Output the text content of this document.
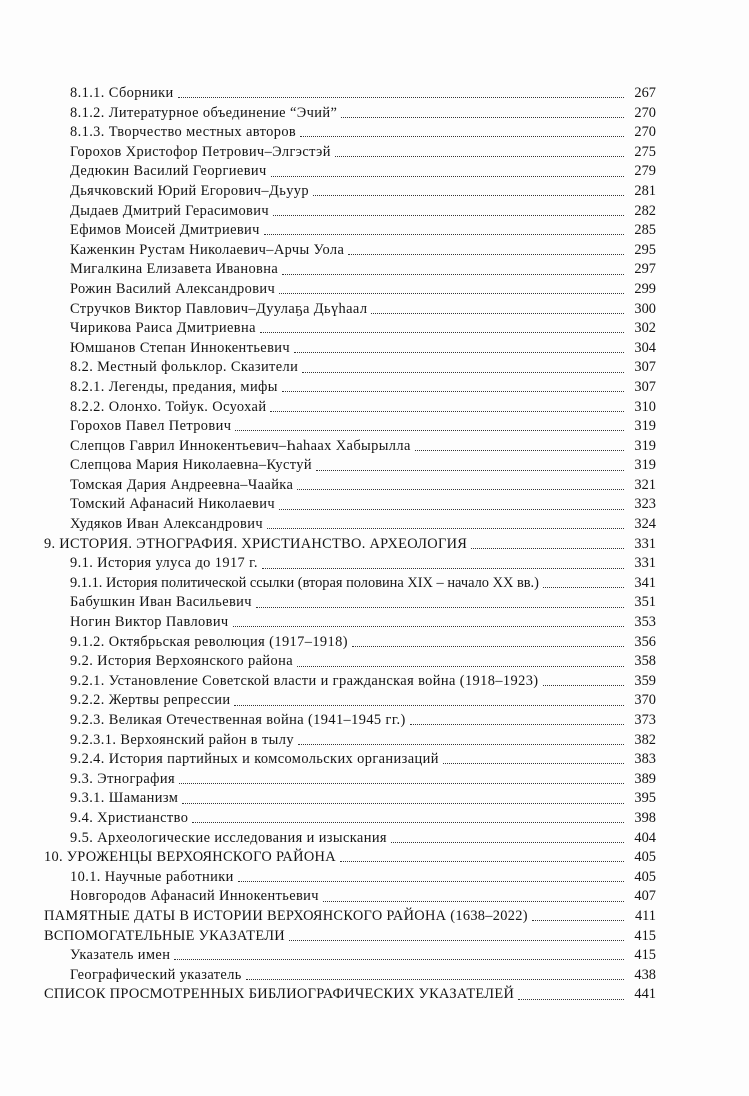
8.1.1. Сборники	267
8.1.2. Литературное объединение “Эчий”	270
8.1.3. Творчество местных авторов	270
Горохов Христофор Петрович–Элгэстэй	275
Дедюкин Василий Георгиевич	279
Дьячковский Юрий Егорович–Дьуур	281
Дыдаев Дмитрий Герасимович	282
Ефимов Моисей Дмитриевич	285
Каженкин Рустам Николаевич–Арчы Уола	295
Мигалкина Елизавета Ивановна	297
Рожин Василий Александрович	299
Стручков Виктор Павлович–Дуулаҕа Дьүһаал	300
Чирикова Раиса Дмитриевна	302
Юмшанов Степан Иннокентьевич	304
8.2. Местный фольклор. Сказители	307
8.2.1. Легенды, предания, мифы	307
8.2.2. Олонхо. Тойук. Осуохай	310
Горохов Павел Петрович	319
Слепцов Гаврил Иннокентьевич–Һаһаах Хабырылла	319
Слепцова Мария Николаевна–Кустуй	319
Томская Дария Андреевна–Чаайка	321
Томский Афанасий Николаевич	323
Худяков Иван Александрович	324
9. ИСТОРИЯ. ЭТНОГРАФИЯ. ХРИСТИАНСТВО. АРХЕОЛОГИЯ	331
9.1. История улуса до 1917 г.	331
9.1.1. История политической ссылки (вторая половина XIX – начало XX вв.)	341
Бабушкин Иван Васильевич	351
Ногин Виктор Павлович	353
9.1.2. Октябрьская революция (1917–1918)	356
9.2. История Верхоянского района	358
9.2.1. Установление Советской власти и гражданская война (1918–1923)	359
9.2.2. Жертвы репрессии	370
9.2.3. Великая Отечественная война (1941–1945 гг.)	373
9.2.3.1. Верхоянский район в тылу	382
9.2.4. История партийных и комсомольских организаций	383
9.3. Этнография	389
9.3.1. Шаманизм	395
9.4. Христианство	398
9.5. Археологические исследования и изыскания	404
10. УРОЖЕНЦЫ ВЕРХОЯНСКОГО РАЙОНА	405
10.1. Научные работники	405
Новгородов Афанасий Иннокентьевич	407
ПАМЯТНЫЕ ДАТЫ В ИСТОРИИ ВЕРХОЯНСКОГО РАЙОНА (1638–2022)	411
ВСПОМОГАТЕЛЬНЫЕ УКАЗАТЕЛИ	415
Указатель имен	415
Географический указатель	438
СПИСОК ПРОСМОТРЕННЫХ БИБЛИОГРАФИЧЕСКИХ УКАЗАТЕЛЕЙ	441
